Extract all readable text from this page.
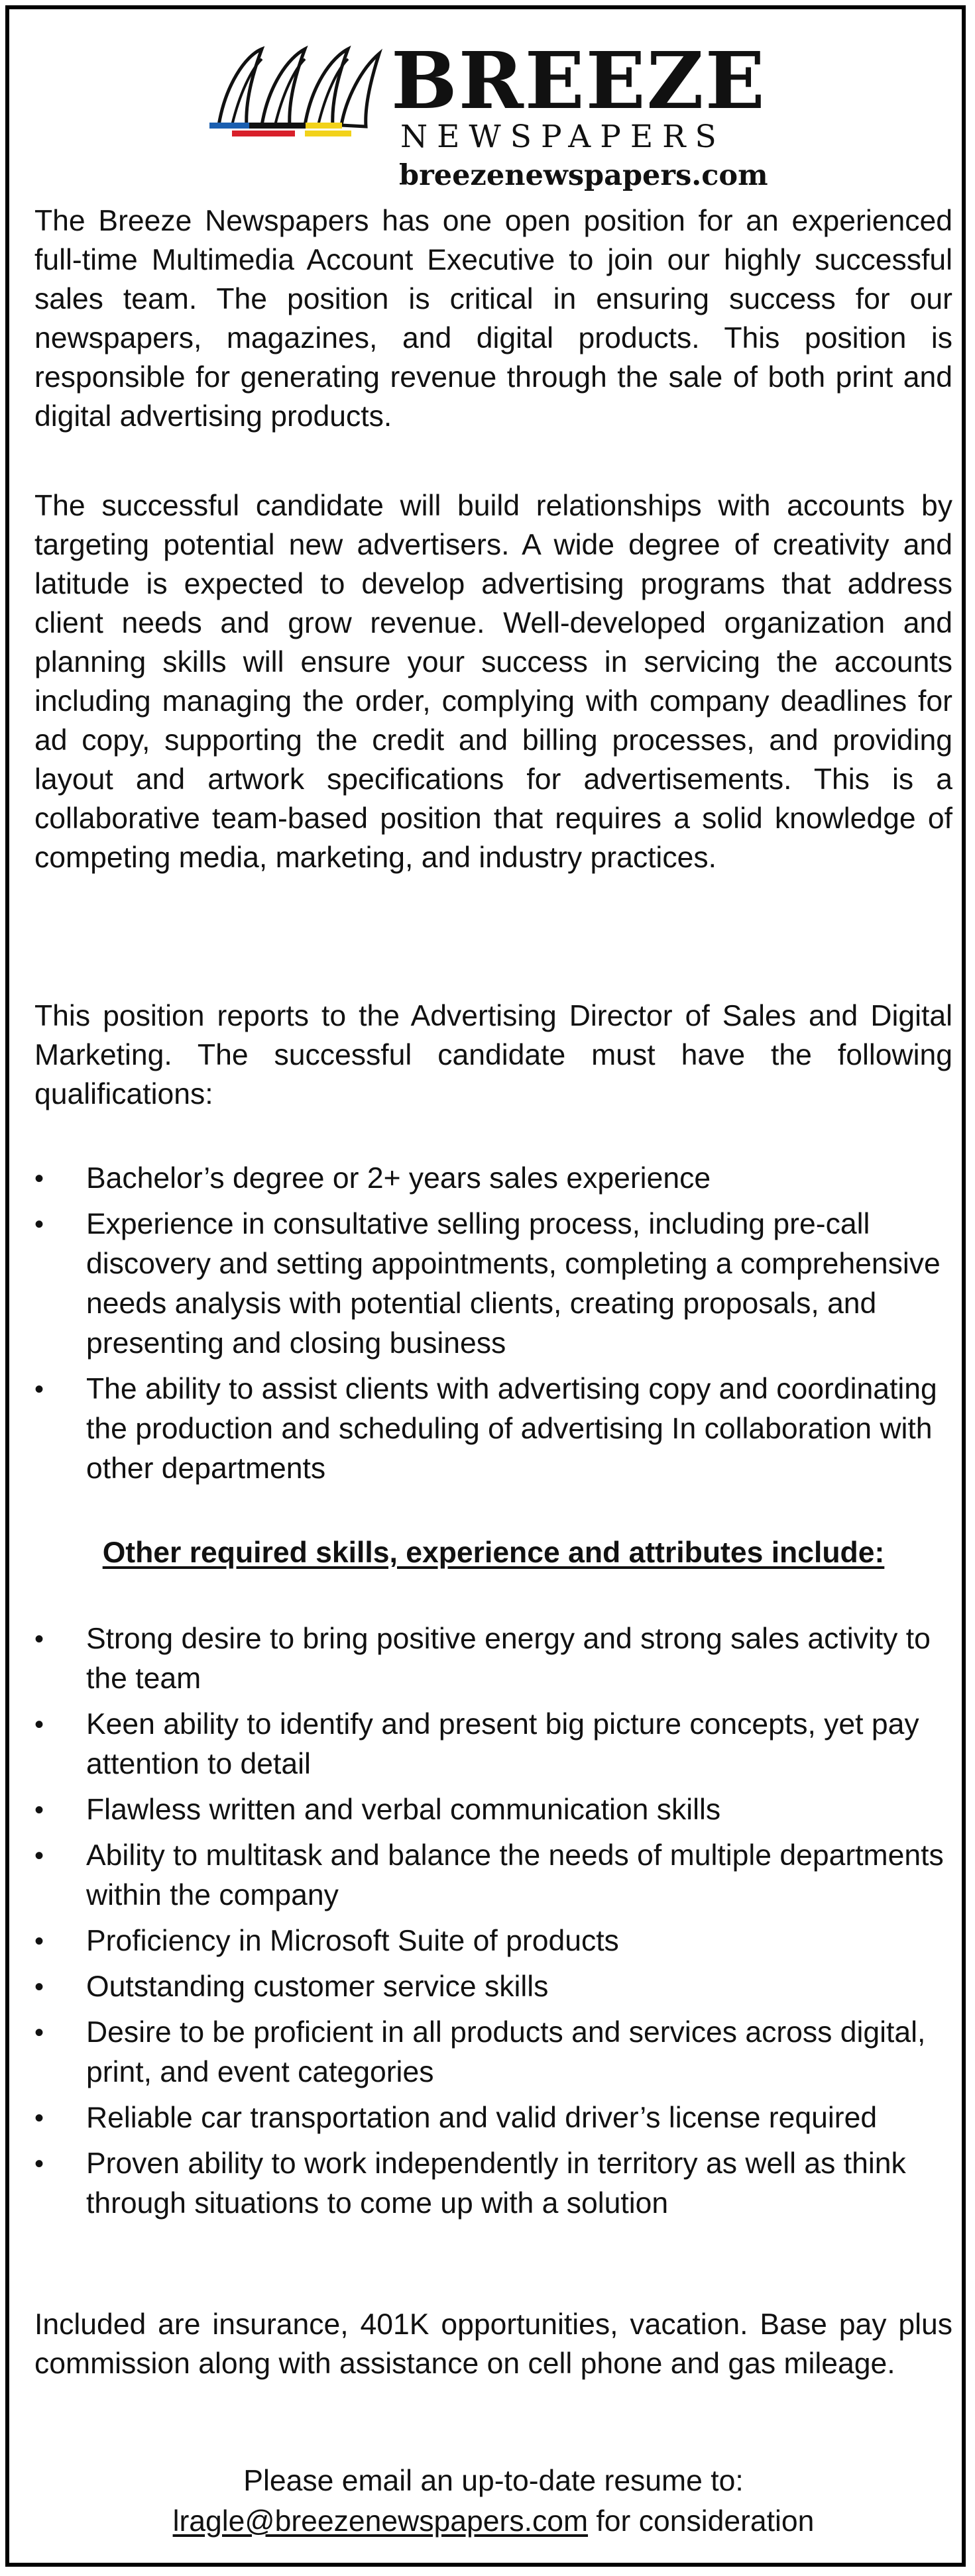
BREEZE
NEWSPAPERS
breezenewspapers.com

The Breeze Newspapers has one open position for an experienced full-time Multimedia Account Executive to join our highly successful sales team. The position is critical in ensuring success for our newspapers, magazines, and digital products. This position is responsible for generating revenue through the sale of both print and digital advertising products.

The successful candidate will build relationships with accounts by targeting potential new advertisers. A wide degree of creativity and latitude is expected to develop advertising programs that address client needs and grow revenue. Well-developed organization and planning skills will ensure your success in servicing the accounts including managing the order, complying with company deadlines for ad copy, supporting the credit and billing processes, and providing layout and artwork specifications for advertisements. This is a collaborative team-based position that requires a solid knowledge of competing media, marketing, and industry practices.

This position reports to the Advertising Director of Sales and Digital Marketing. The successful candidate must have the following qualifications:

• Bachelor’s degree or 2+ years sales experience
• Experience in consultative selling process, including pre-call discovery and setting appointments, completing a comprehensive needs analysis with potential clients, creating proposals, and presenting and closing business
• The ability to assist clients with advertising copy and coordinating the production and scheduling of advertising In collaboration with other departments
Other required skills, experience and attributes include:
• Strong desire to bring positive energy and strong sales activity to the team
• Keen ability to identify and present big picture concepts, yet pay attention to detail
• Flawless written and verbal communication skills
• Ability to multitask and balance the needs of multiple departments within the company
• Proficiency in Microsoft Suite of products
• Outstanding customer service skills
• Desire to be proficient in all products and services across digital, print, and event categories
• Reliable car transportation and valid driver’s license required
• Proven ability to work independently in territory as well as think through situations to come up with a solution

Included are insurance, 401K opportunities, vacation. Base pay plus commission along with assistance on cell phone and gas mileage.

Please email an up-to-date resume to:
lragle@breezenewspapers.com for consideration
